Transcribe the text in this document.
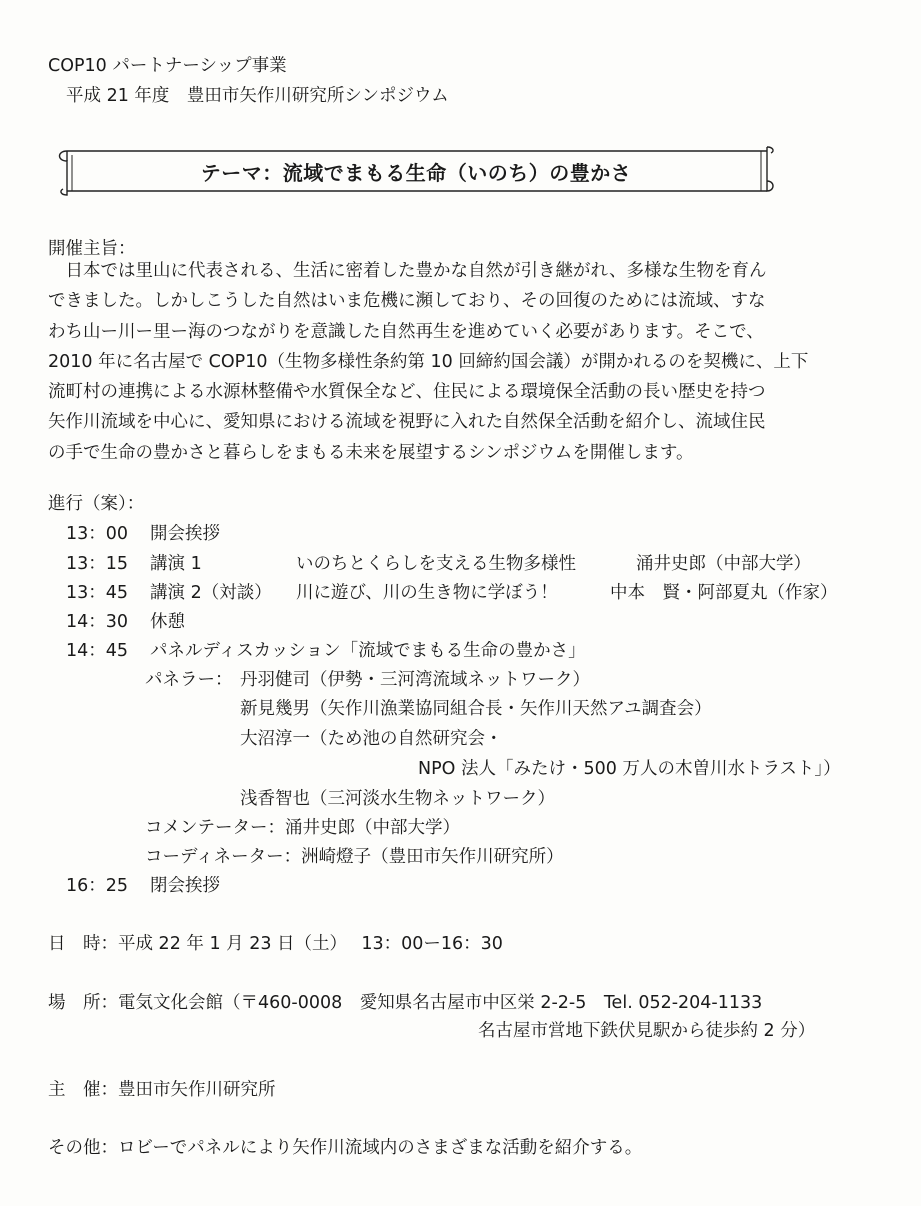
COP10 パートナーシップ事業
平成 21 年度　豊田市矢作川研究所シンポジウム
テーマ：流域でまもる生命（いのち）の豊かさ
開催主旨：

　日本では里山に代表される、生活に密着した豊かな自然が引き継がれ、多様な生物を育ん

できました。しかしこうした自然はいま危機に瀕しており、その回復のためには流域、すな

わち山ー川ー里ー海のつながりを意識した自然再生を進めていく必要があります。そこで、

2010 年に名古屋で COP10（生物多様性条約第 10 回締約国会議）が開かれるのを契機に、上下

流町村の連携による水源林整備や水質保全など、住民による環境保全活動の長い歴史を持つ

矢作川流域を中心に、愛知県における流域を視野に入れた自然保全活動を紹介し、流域住民

の手で生命の豊かさと暮らしをまもる未来を展望するシンポジウムを開催します。

進行（案）：
13：00 開会挨拶
13：15 講演 1	いのちとくらしを支える生物多様性	涌井史郎（中部大学）
13：45 講演 2（対談） 川に遊び、川の生き物に学ぼう！	中本　賢・阿部夏丸（作家）
14：30 休憩
14：45 パネルディスカッション「流域でまもる生命の豊かさ」
パネラー： 丹羽健司（伊勢・三河湾流域ネットワーク）
新見幾男（矢作川漁業協同組合長・矢作川天然アユ調査会）
大沼淳一（ため池の自然研究会・
NPO 法人「みたけ・500 万人の木曽川水トラスト」）
浅香智也（三河淡水生物ネットワーク）
コメンテーター：涌井史郎（中部大学）
コーディネーター：洲崎燈子（豊田市矢作川研究所）
16：25 閉会挨拶
日　時：平成 22 年 1 月 23 日（土）　 13：00ー16：30
場　所：電気文化会館（〒460-0008　愛知県名古屋市中区栄 2-2-5　Tel. 052-204-1133
名古屋市営地下鉄伏見駅から徒歩約 2 分）
主　催：豊田市矢作川研究所
その他：ロビーでパネルにより矢作川流域内のさまざまな活動を紹介する。
